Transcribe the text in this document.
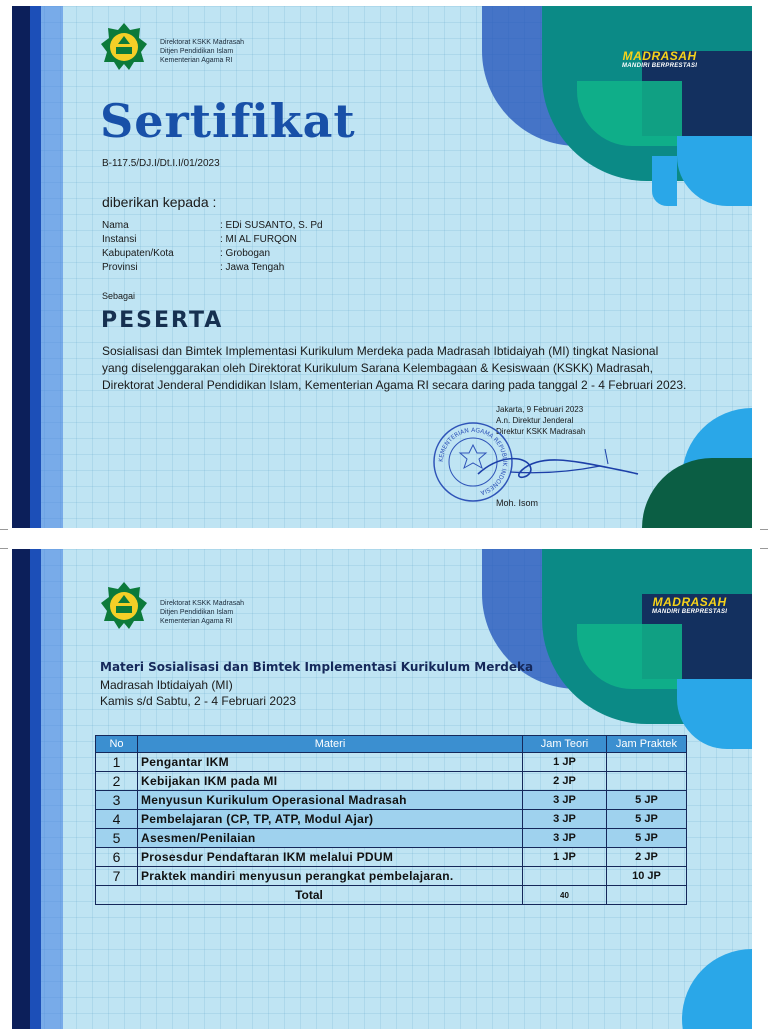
Direktorat KSKK Madrasah
Ditjen Pendidikan Islam
Kementerian Agama RI	MADRASAH
MANDIRI BERPRESTASI
Sertifikat
B-117.5/DJ.I/Dt.I.I/01/2023
diberikan kepada :
Nama	: EDi SUSANTO, S. Pd
Instansi	: MI AL FURQON
Kabupaten/Kota	: Grobogan
Provinsi	: Jawa Tengah
Sebagai
PESERTA
Sosialisasi dan Bimtek Implementasi Kurikulum Merdeka pada Madrasah Ibtidaiyah (MI) tingkat Nasional yang diselenggarakan oleh Direktorat Kurikulum Sarana Kelembagaan & Kesiswaan (KSKK) Madrasah, Direktorat Jenderal Pendidikan Islam, Kementerian Agama RI secara daring pada tanggal 2 - 4 Februari 2023.
Jakarta, 9 Februari 2023
A.n. Direktur Jenderal
Direktur KSKK Madrasah
KEMENTERIAN AGAMA REPUBLIK INDONESIA
Moh. Isom
Direktorat KSKK Madrasah
Ditjen Pendidikan Islam
Kementerian Agama RI
MADRASAH
MANDIRI BERPRESTASI
Materi Sosialisasi dan Bimtek Implementasi Kurikulum Merdeka
Madrasah Ibtidaiyah (MI)
Kamis s/d Sabtu, 2 - 4 Februari 2023
No	Materi	Jam Teori	Jam Praktek
1	Pengantar IKM	1 JP	
2	Kebijakan IKM pada MI	2 JP	
3	Menyusun Kurikulum Operasional Madrasah	3 JP	5 JP
4	Pembelajaran (CP, TP, ATP, Modul Ajar)	3 JP	5 JP
5	Asesmen/Penilaian	3 JP	5 JP
6	Prosesdur Pendaftaran IKM melalui PDUM	1 JP	2 JP
7	Praktek mandiri menyusun perangkat pembelajaran.		10 JP
Total		40	
